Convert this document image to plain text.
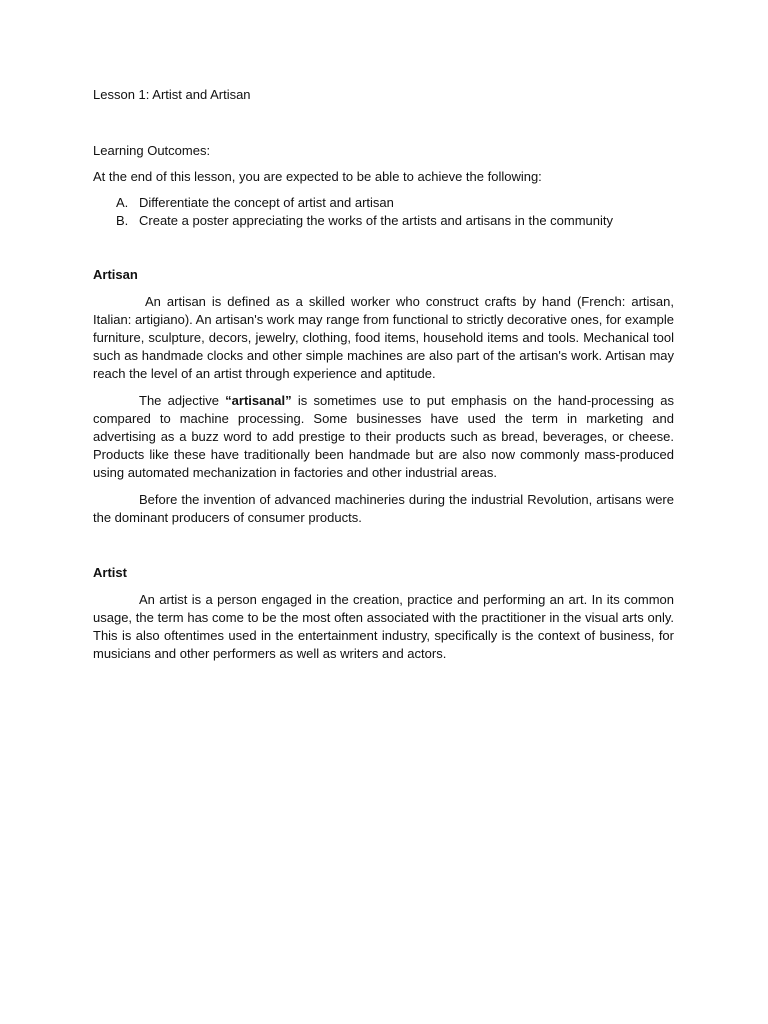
Lesson 1: Artist and Artisan

Learning Outcomes:

At the end of this lesson, you are expected to be able to achieve the following:

A. Differentiate the concept of artist and artisan
B. Create a poster appreciating the works of the artists and artisans in the community

Artisan

An artisan is defined as a skilled worker who construct crafts by hand (French: artisan, Italian: artigiano). An artisan's work may range from functional to strictly decorative ones, for example furniture, sculpture, decors, jewelry, clothing, food items, household items and tools. Mechanical tool such as handmade clocks and other simple machines are also part of the artisan's work. Artisan may reach the level of an artist through experience and aptitude.

The adjective “artisanal” is sometimes use to put emphasis on the hand-processing as compared to machine processing. Some businesses have used the term in marketing and advertising as a buzz word to add prestige to their products such as bread, beverages, or cheese. Products like these have traditionally been handmade but are also now commonly mass-produced using automated mechanization in factories and other industrial areas.

Before the invention of advanced machineries during the industrial Revolution, artisans were the dominant producers of consumer products.

Artist

An artist is a person engaged in the creation, practice and performing an art. In its common usage, the term has come to be the most often associated with the practitioner in the visual arts only. This is also oftentimes used in the entertainment industry, specifically is the context of business, for musicians and other performers as well as writers and actors.
